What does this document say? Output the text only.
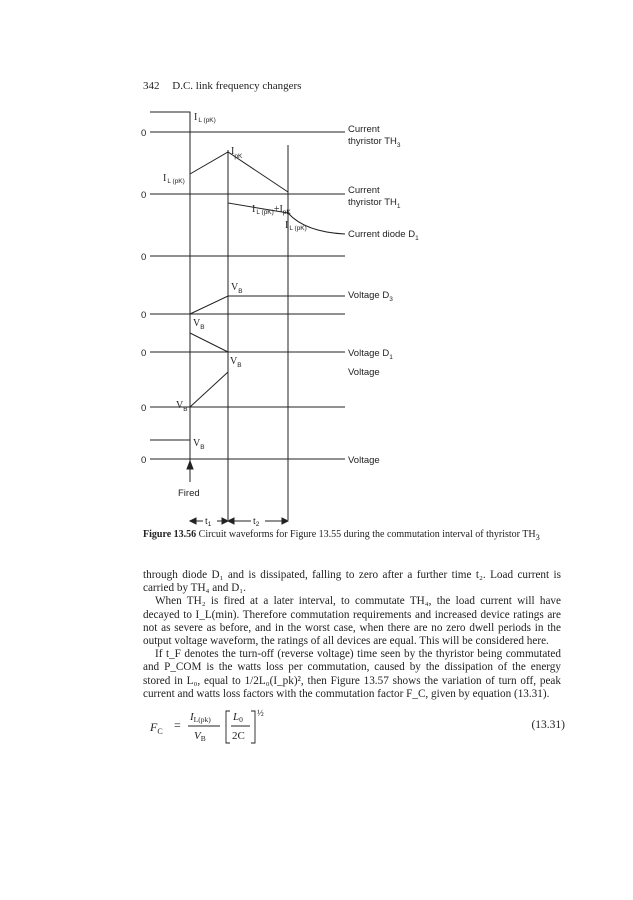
342 D.C. link frequency changers
0
0
0
0
0
0
0
Current
thyristor $TH_3$
Current
thyristor $TH_1$
Current diode $D_1$
Voltage $D_3$
Voltage $D_1$
Voltage
Voltage
$I_{L (pK)}$
$I_{L (pK)}$
$I_{pK}$
$I_{L (pK)}+I_{pK}$
$I_{L (pK)}$
$V_B$
$V_B$
$V_B$
$V_B$
$V_B$
Fired
$t_1$	$t_2$
Figure 13.56 Circuit waveforms for Figure 13.55 during the commutation interval of thyristor $TH_3$

through diode D₁ and is dissipated, falling to zero after a further time t₂. Load current is carried by TH₄ and D₁.

When TH₂ is fired at a later interval, to commutate TH₄, the load current will have decayed to I_L(min). Therefore commutation requirements and increased device ratings are not as severe as before, and in the worst case, when there are no zero dwell periods in the output voltage waveform, the ratings of all devices are equal. This will be considered here.

If t_F denotes the turn-off (reverse voltage) time seen by the thyristor being commutated and P_COM is the watts loss per commutation, caused by the dissipation of the energy stored in L₀, equal to 1/2L₀(I_pk)², then Figure 13.57 shows the variation of turn off, peak current and watts loss factors with the commutation factor F_C, given by equation (13.31).

$F_C$ =
IL(pk)
VB
L0
2C
½
(13.31)
